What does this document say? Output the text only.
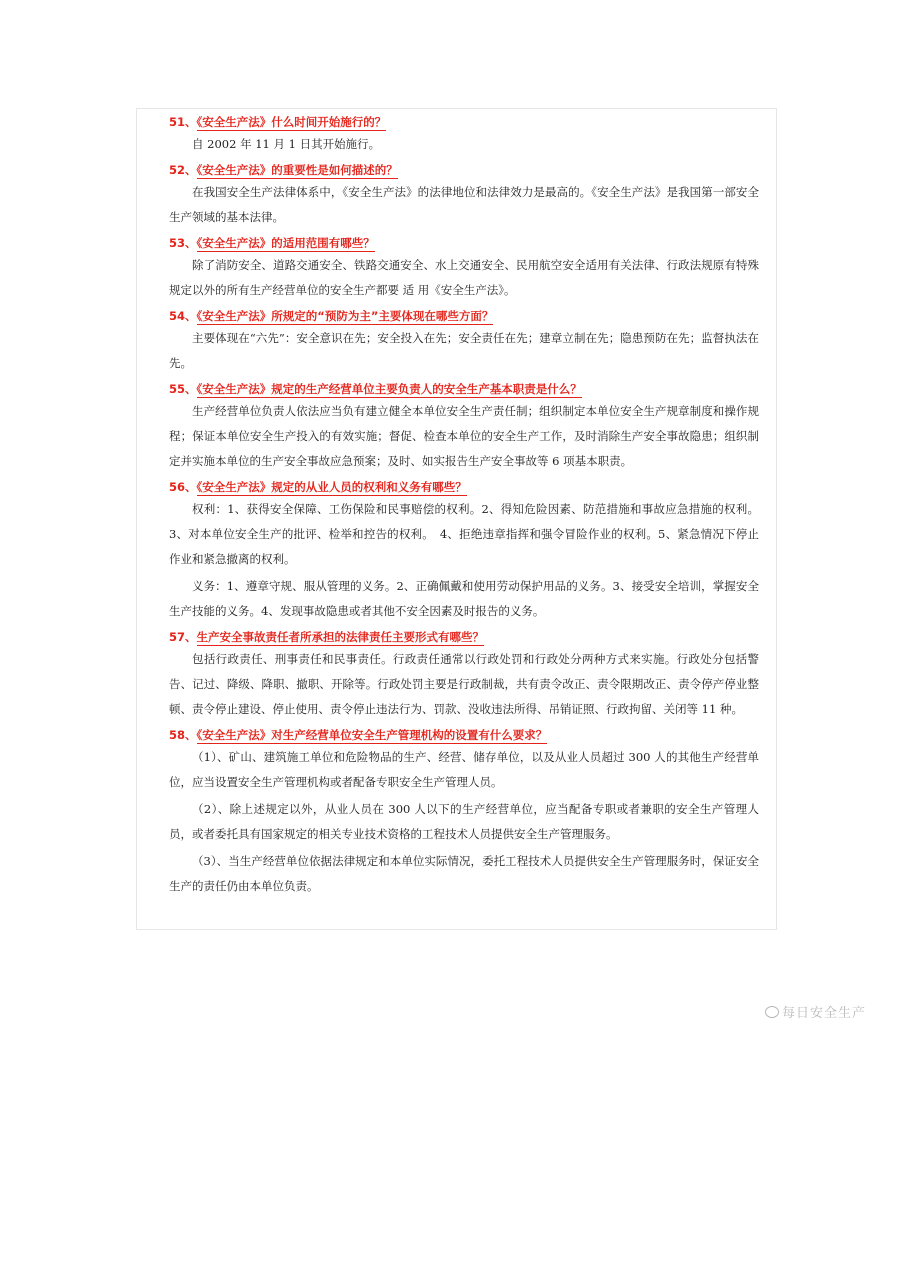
51、《安全生产法》什么时间开始施行的？

自 2002 年 11 月 1 日其开始施行。

52、《安全生产法》的重要性是如何描述的？

在我国安全生产法律体系中，《安全生产法》的法律地位和法律效力是最高的。《安全生产法》是我国第一部安全生产领域的基本法律。

53、《安全生产法》的适用范围有哪些？

除了消防安全、道路交通安全、铁路交通安全、水上交通安全、民用航空安全适用有关法律、行政法规原有特殊规定以外的所有生产经营单位的安全生产都要 适 用《安全生产法》。

54、《安全生产法》所规定的“预防为主”主要体现在哪些方面？

主要体现在“六先”：安全意识在先；安全投入在先；安全责任在先；建章立制在先；隐患预防在先；监督执法在先。

55、《安全生产法》规定的生产经营单位主要负责人的安全生产基本职责是什么？

生产经营单位负责人依法应当负有建立健全本单位安全生产责任制；组织制定本单位安全生产规章制度和操作规程；保证本单位安全生产投入的有效实施；督促、检查本单位的安全生产工作，及时消除生产安全事故隐患；组织制定并实施本单位的生产安全事故应急预案；及时、如实报告生产安全事故等 6 项基本职责。

56、《安全生产法》规定的从业人员的权利和义务有哪些？

权利：1、获得安全保障、工伤保险和民事赔偿的权利。2、得知危险因素、防范措施和事故应急措施的权利。3、对本单位安全生产的批评、检举和控告的权利。　4、拒绝违章指挥和强令冒险作业的权利。5、紧急情况下停止作业和紧急撤离的权利。

义务：1、遵章守规、服从管理的义务。2、正确佩戴和使用劳动保护用品的义务。3、接受安全培训，掌握安全生产技能的义务。4、发现事故隐患或者其他不安全因素及时报告的义务。

57、生产安全事故责任者所承担的法律责任主要形式有哪些？

包括行政责任、刑事责任和民事责任。行政责任通常以行政处罚和行政处分两种方式来实施。行政处分包括警告、记过、降级、降职、撤职、开除等。行政处罚主要是行政制裁，共有责令改正、责令限期改正、责令停产停业整顿、责令停止建设、停止使用、责令停止违法行为、罚款、没收违法所得、吊销证照、行政拘留、关闭等 11 种。

58、《安全生产法》对生产经营单位安全生产管理机构的设置有什么要求？

（1）、矿山、建筑施工单位和危险物品的生产、经营、储存单位，以及从业人员超过 300 人的其他生产经营单位，应当设置安全生产管理机构或者配备专职安全生产管理人员。

（2）、除上述规定以外，从业人员在 300 人以下的生产经营单位，应当配备专职或者兼职的安全生产管理人员，或者委托具有国家规定的相关专业技术资格的工程技术人员提供安全生产管理服务。

（3）、当生产经营单位依据法律规定和本单位实际情况，委托工程技术人员提供安全生产管理服务时，保证安全生产的责任仍由本单位负责。

每日安全生产
